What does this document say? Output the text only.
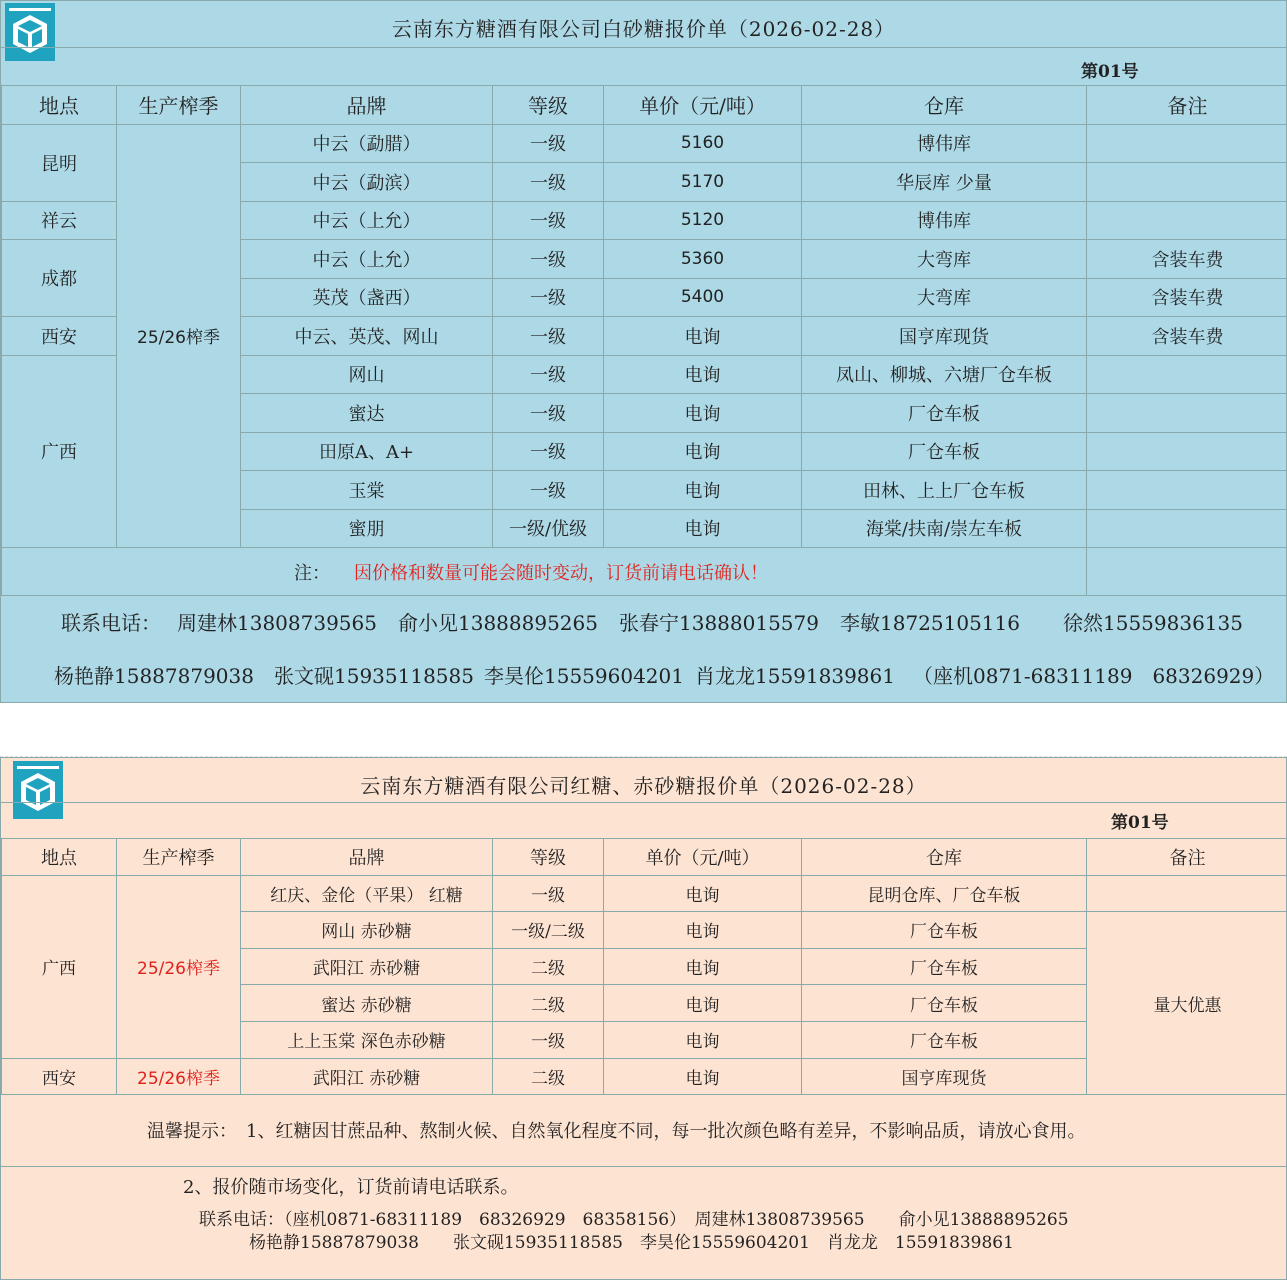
云南东方糖酒有限公司白砂糖报价单（2026-02-28）
第01号
地点	生产榨季	品牌	等级	单价（元/吨）	仓库	备注
昆明	25/26榨季	中云（勐腊）	一级	5160	博伟库	
		中云（勐滨）	一级	5170	华辰库 少量	
祥云		中云（上允）	一级	5120	博伟库	
成都		中云（上允）	一级	5360	大弯库	含装车费
		英茂（盏西）	一级	5400	大弯库	含装车费
西安		中云、英茂、网山	一级	电询	国亨库现货	含装车费
广西		网山	一级	电询	凤山、柳城、六塘厂仓车板	
		蜜达	一级	电询	厂仓车板	
		田原A、A+	一级	电询	厂仓车板	
		玉棠	一级	电询	田林、上上厂仓车板	
		蜜朋	一级/优级	电询	海棠/扶南/崇左车板	
注： 因价格和数量可能会随时变动，订货前请电话确认！						
联系电话： 周建林13808739565 俞小见13888895265 张春宁13888015579 李敏18725105116 徐然15559836135
杨艳静15887879038 张文砚15935118585 李昊伦15559604201 肖龙龙15591839861 （座机0871-68311189　68326929）
云南东方糖酒有限公司红糖、赤砂糖报价单（2026-02-28）
第01号
地点	生产榨季	品牌	等级	单价（元/吨）	仓库	备注
广西	25/26榨季	红庆、金伦（平果） 红糖	一级	电询	昆明仓库、厂仓车板	
		网山 赤砂糖	一级/二级	电询	厂仓车板	量大优惠
		武阳江 赤砂糖	二级	电询	厂仓车板	
		蜜达 赤砂糖	二级	电询	厂仓车板	
		上上玉棠 深色赤砂糖	一级	电询	厂仓车板	
西安	25/26榨季	武阳江 赤砂糖	二级	电询	国亨库现货	
温馨提示：　1、红糖因甘蔗品种、熬制火候、自然氧化程度不同，每一批次颜色略有差异，不影响品质，请放心食用。
2、报价随市场变化，订货前请电话联系。
联系电话：（座机0871-68311189　68326929　68358156）　周建林13808739565　　俞小见13888895265
杨艳静15887879038　　张文砚15935118585　李昊伦15559604201　肖龙龙　15591839861
